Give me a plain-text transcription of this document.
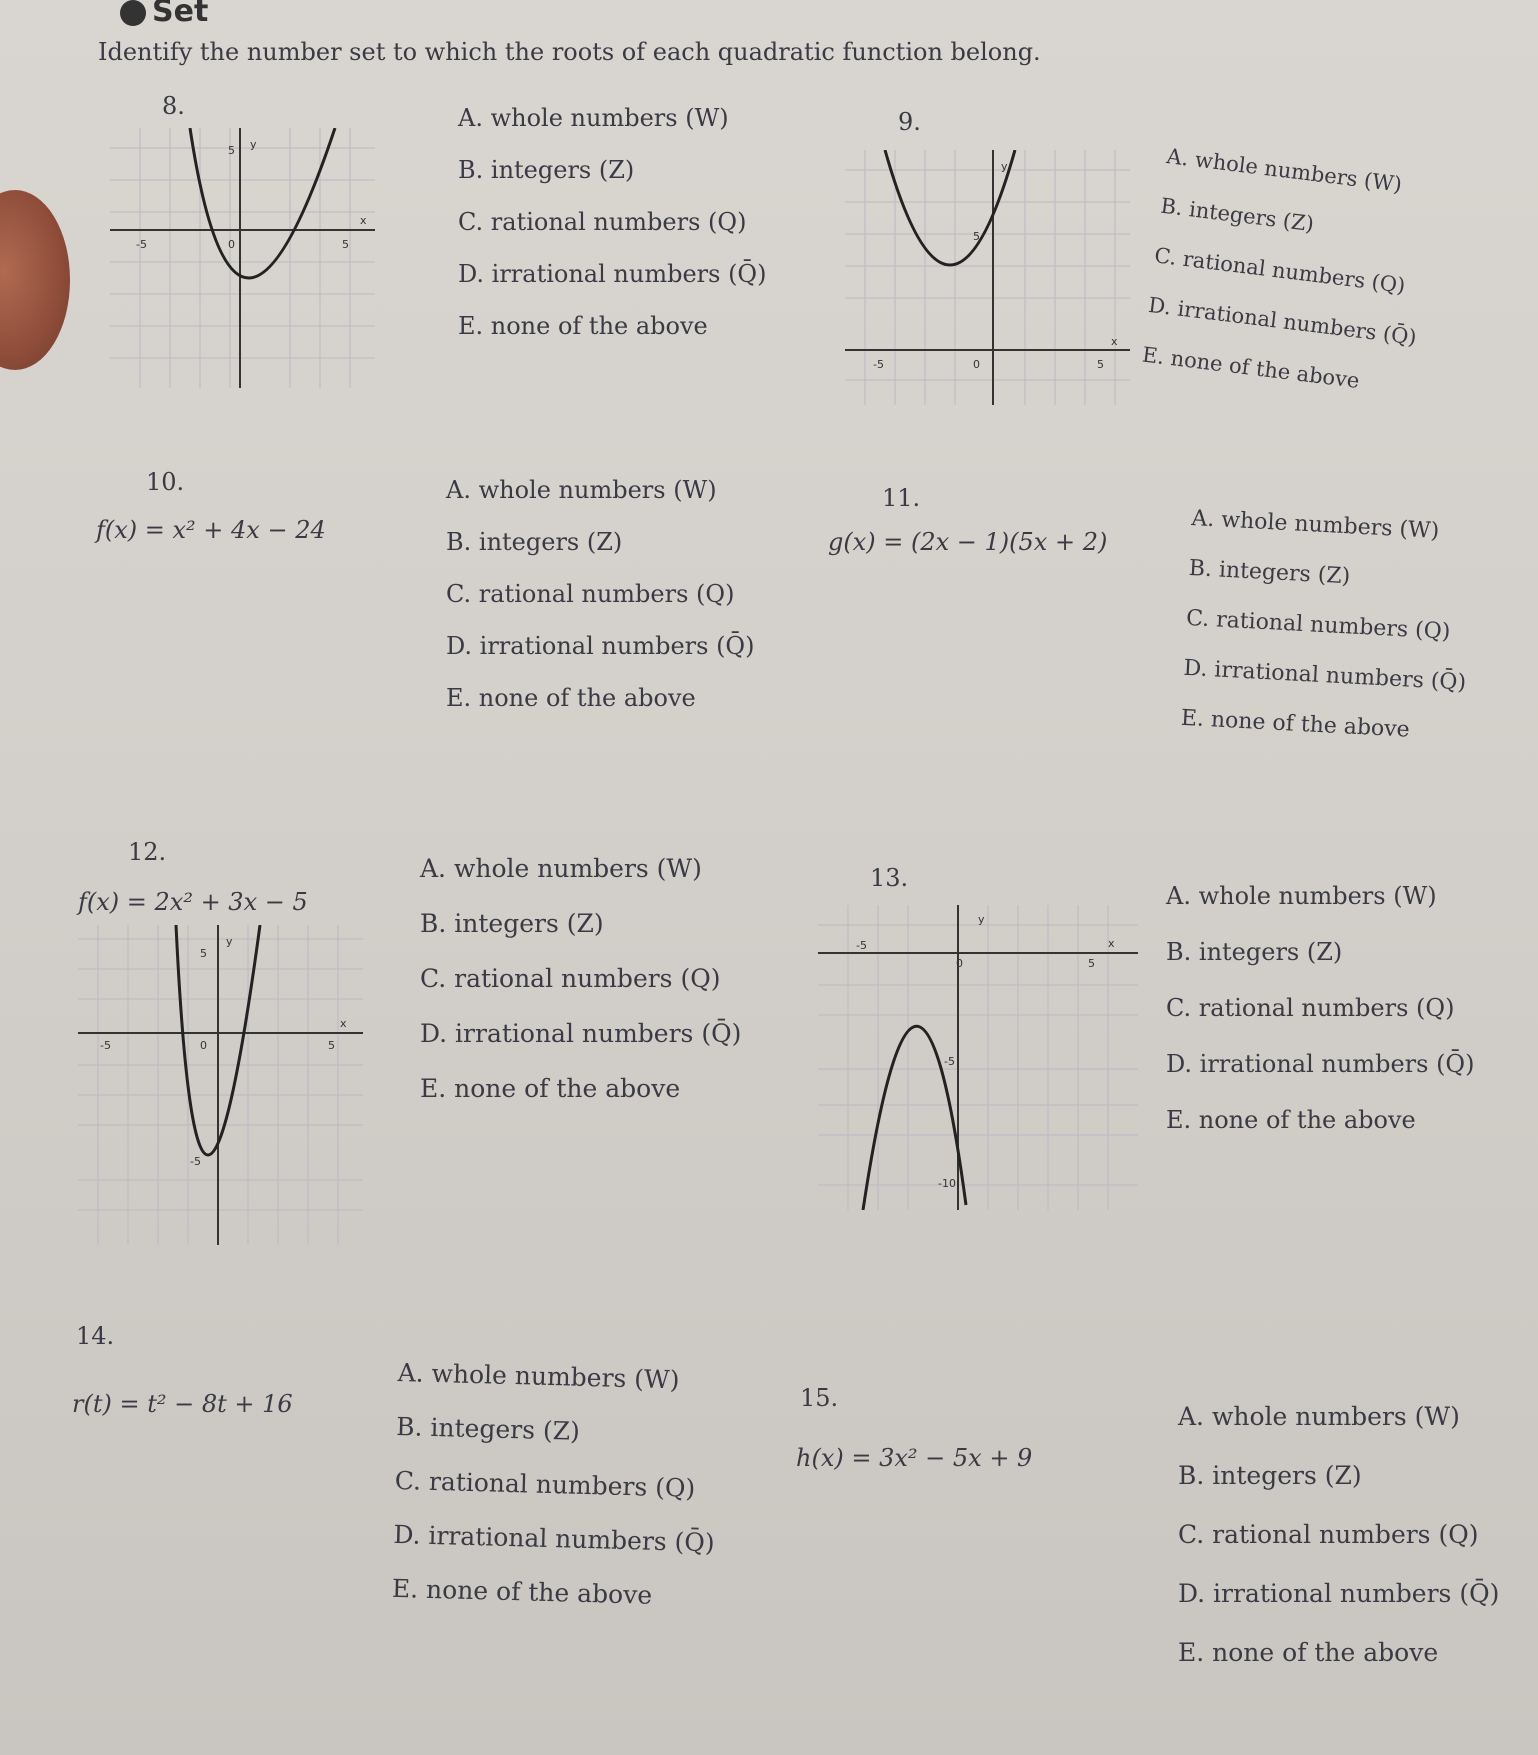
Set
Identify the number set to which the roots of each quadratic function belong.
8.
5 y
x
-5	0	5
A. whole numbers (W)
B. integers (Z)
C. rational numbers (Q)
D. irrational numbers (Q̄)
E. none of the above
9.
5
y
x
-5	0	5
A. whole numbers (W)
B. integers (Z)
C. rational numbers (Q)
D. irrational numbers (Q̄)
E. none of the above
10.
f(x) = x² + 4x − 24
A. whole numbers (W)
B. integers (Z)
C. rational numbers (Q)
D. irrational numbers (Q̄)
E. none of the above
11.
g(x) = (2x − 1)(5x + 2)	A. whole numbers (W)
B. integers (Z)
C. rational numbers (Q)
D. irrational numbers (Q̄)
E. none of the above
12.
f(x) = 2x² + 3x − 5
5
y
x
-5	0	5
-5
A. whole numbers (W)
B. integers (Z)
C. rational numbers (Q)
D. irrational numbers (Q̄)
E. none of the above
13.
-5
0	5
x
y
-5
-10
A. whole numbers (W)
B. integers (Z)
C. rational numbers (Q)
D. irrational numbers (Q̄)
E. none of the above
14.
r(t) = t² − 8t + 16
A. whole numbers (W)
B. integers (Z)
C. rational numbers (Q)
D. irrational numbers (Q̄)
E. none of the above
15.
h(x) = 3x² − 5x + 9
A. whole numbers (W)
B. integers (Z)
C. rational numbers (Q)
D. irrational numbers (Q̄)
E. none of the above
